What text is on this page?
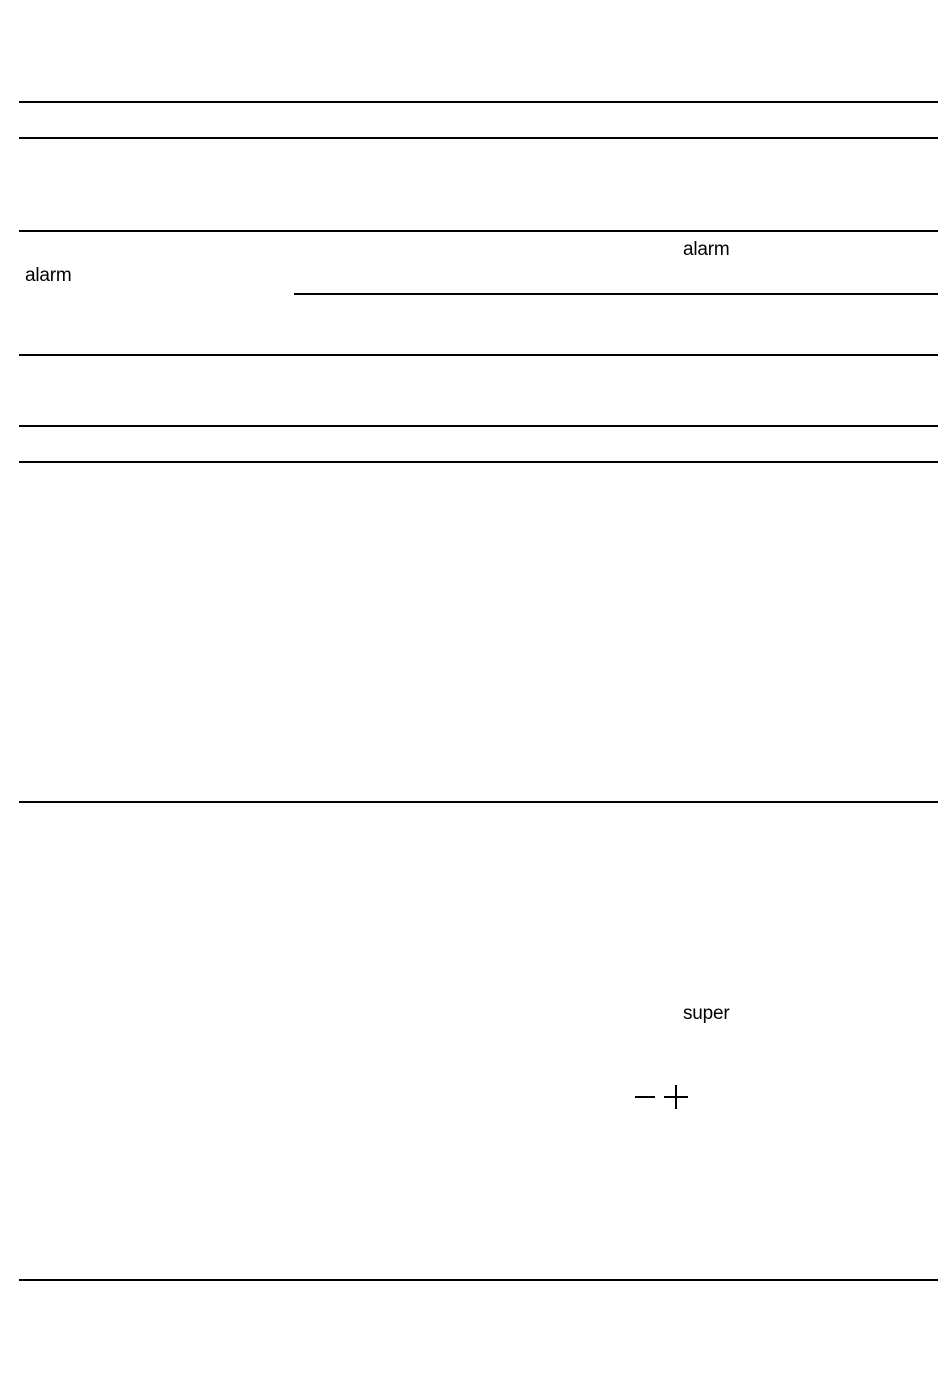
alarm
alarm
super
